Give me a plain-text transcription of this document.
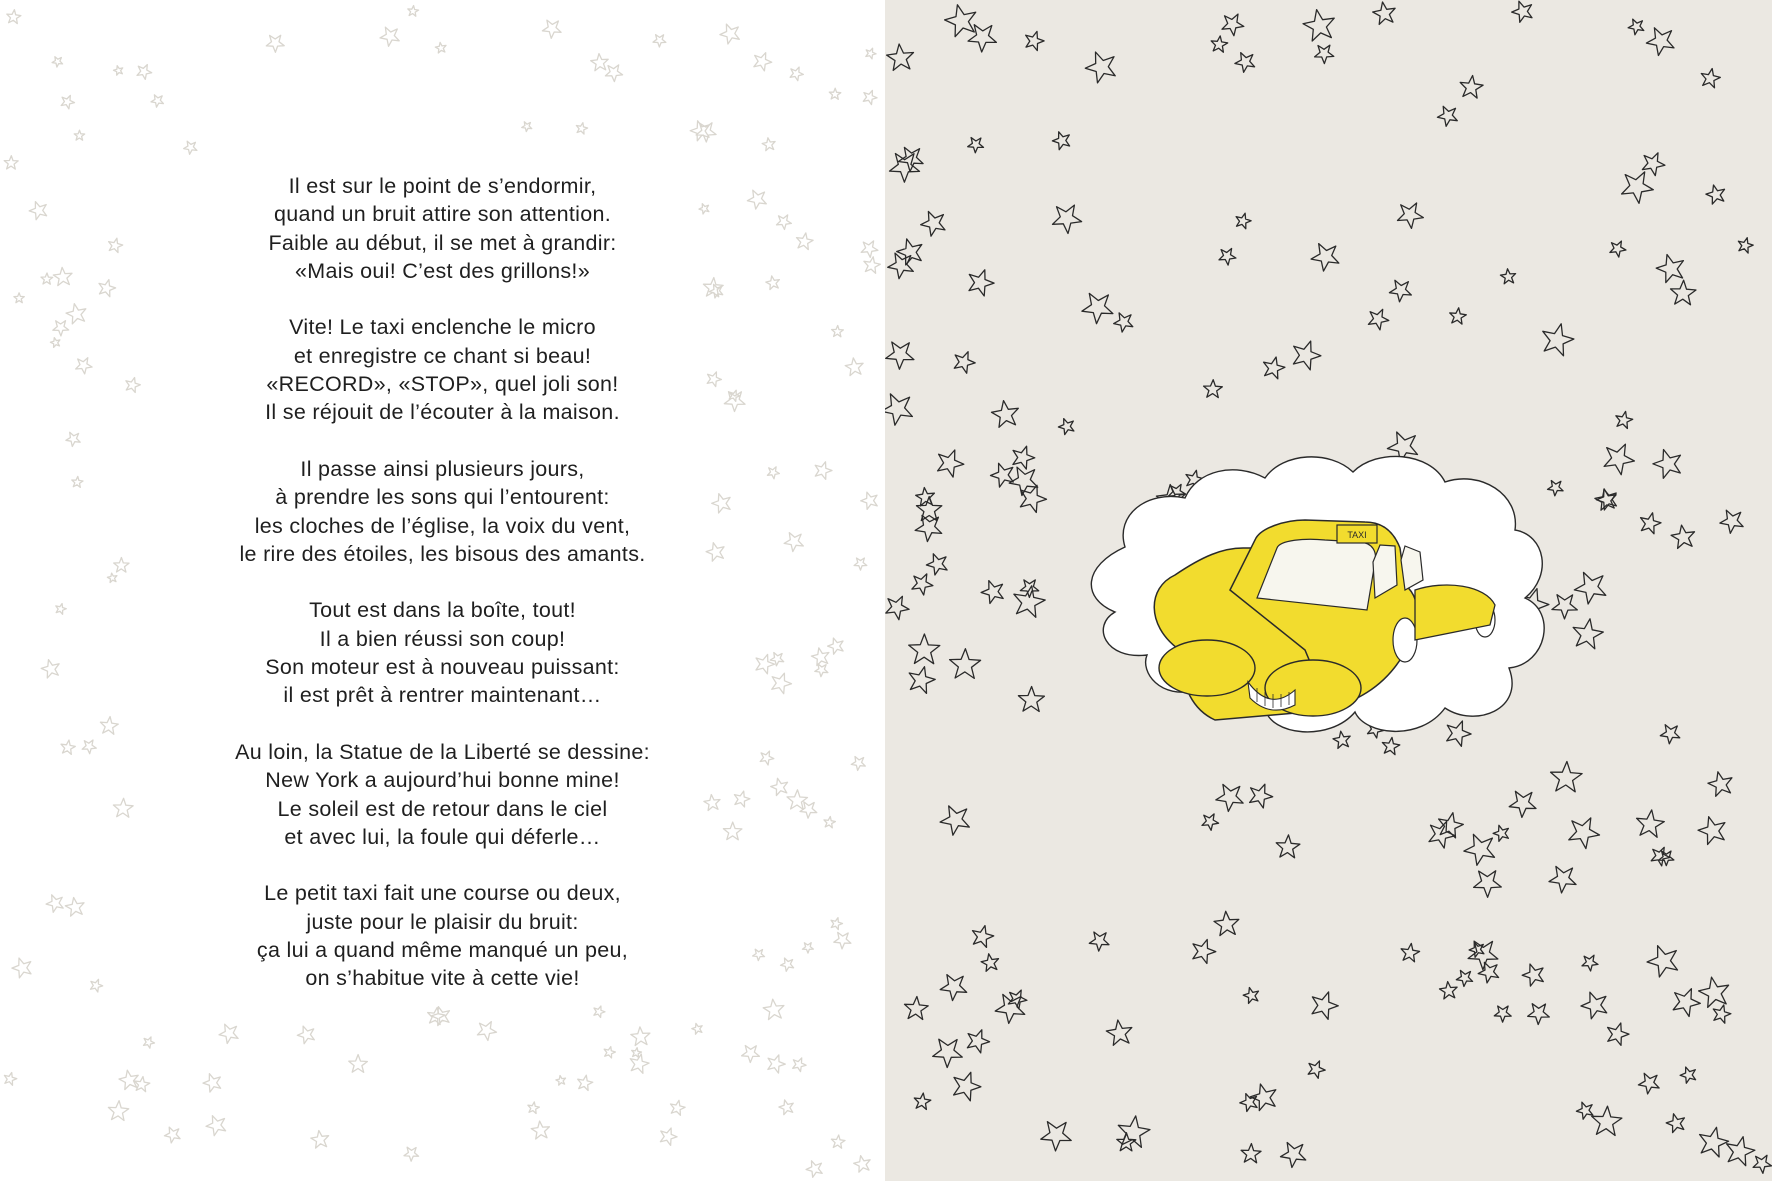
Il est sur le point de s’endormir,
quand un bruit attire son attention.
Faible au début, il se met à grandir:
«Mais oui! C’est des grillons!»
Vite! Le taxi enclenche le micro
et enregistre ce chant si beau!
«RECORD», «STOP», quel joli son!
Il se réjouit de l’écouter à la maison.
Il passe ainsi plusieurs jours,
à prendre les sons qui l’entourent:
les cloches de l’église, la voix du vent,
le rire des étoiles, les bisous des amants.
Tout est dans la boîte, tout!
Il a bien réussi son coup!
Son moteur est à nouveau puissant:
il est prêt à rentrer maintenant…
Au loin, la Statue de la Liberté se dessine:
New York a aujourd’hui bonne mine!
Le soleil est de retour dans le ciel
et avec lui, la foule qui déferle…
Le petit taxi fait une course ou deux,
juste pour le plaisir du bruit:
ça lui a quand même manqué un peu,
on s’habitue vite à cette vie!
TAXI
